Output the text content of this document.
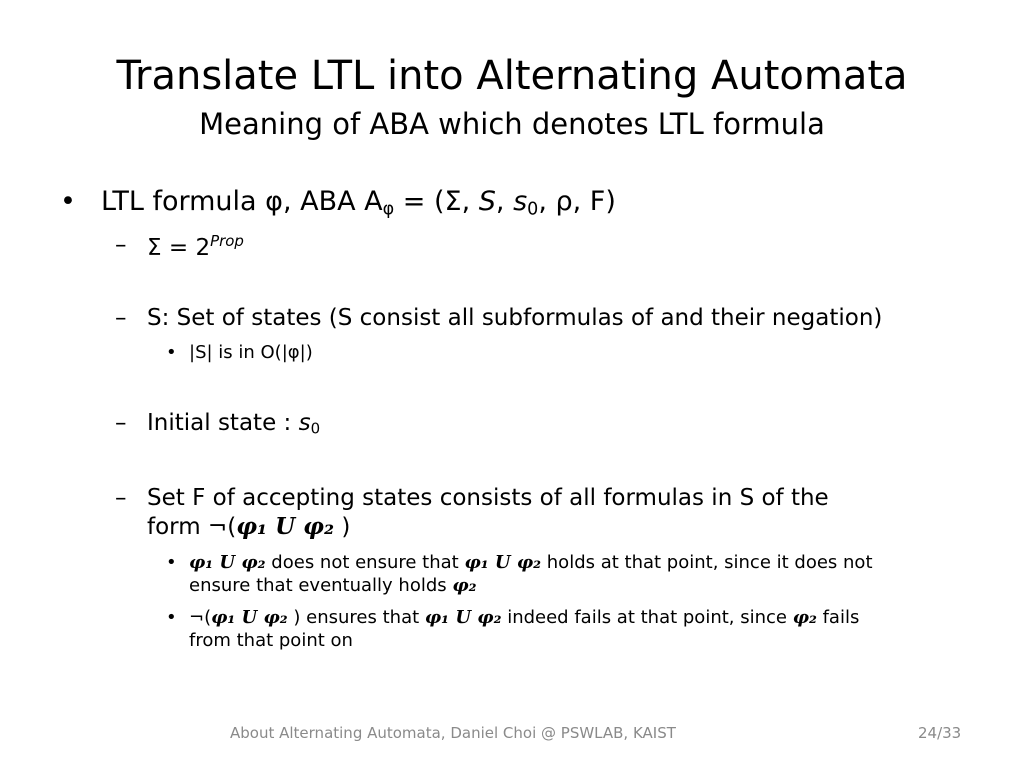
Translate LTL into Alternating Automata
Meaning of ABA which denotes LTL formula
• LTL formula φ, ABA $A_\varphi = (\Sigma$, S, $s_0$, ρ, F)
– $\Sigma = 2^{Prop}$
– S: Set of states (S consist all subformulas of and their negation)
• |S| is in O(|φ|)
– Initial state : $s_0$
– Set F of accepting states consists of all formulas in S of the
form ¬(φ₁ U φ₂ )
• φ₁ U φ₂ does not ensure that φ₁ U φ₂ holds at that point, since it does not
ensure that eventually holds φ₂
• ¬(φ₁ U φ₂ ) ensures that φ₁ U φ₂ indeed fails at that point, since φ₂ fails
from that point on
About Alternating Automata, Daniel Choi @ PSWLAB, KAIST	24/33
